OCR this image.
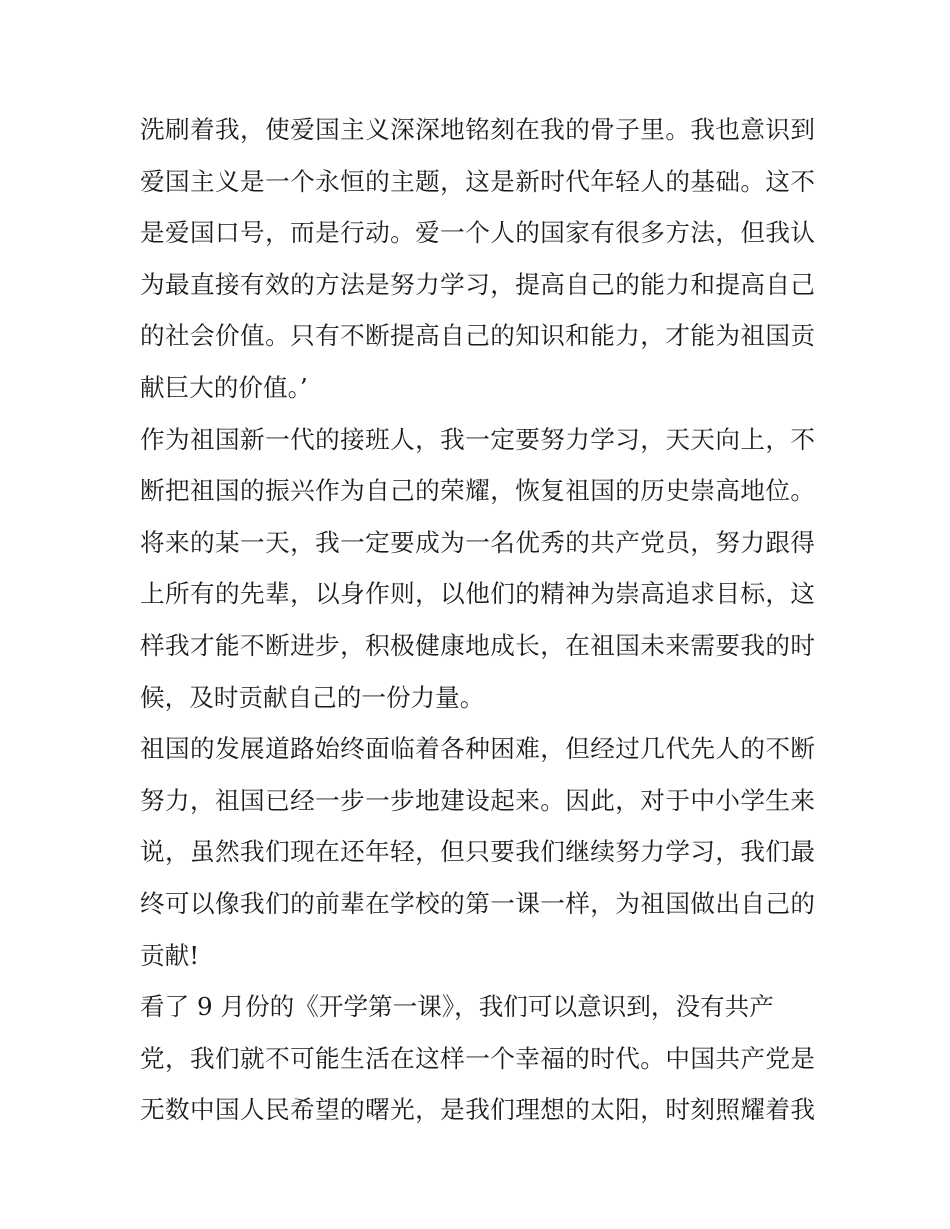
洗刷着我，使爱国主义深深地铭刻在我的骨子里。我也意识到
爱国主义是一个永恒的主题，这是新时代年轻人的基础。这不
是爱国口号，而是行动。爱一个人的国家有很多方法，但我认
为最直接有效的方法是努力学习，提高自己的能力和提高自己
的社会价值。只有不断提高自己的知识和能力，才能为祖国贡
献巨大的价值。’
作为祖国新一代的接班人，我一定要努力学习，天天向上，不
断把祖国的振兴作为自己的荣耀，恢复祖国的历史崇高地位。
将来的某一天，我一定要成为一名优秀的共产党员，努力跟得
上所有的先辈，以身作则，以他们的精神为崇高追求目标，这
样我才能不断进步，积极健康地成长，在祖国未来需要我的时
候，及时贡献自己的一份力量。
祖国的发展道路始终面临着各种困难，但经过几代先人的不断
努力，祖国已经一步一步地建设起来。因此，对于中小学生来
说，虽然我们现在还年轻，但只要我们继续努力学习，我们最
终可以像我们的前辈在学校的第一课一样，为祖国做出自己的
贡献!
看了 9 月份的《开学第一课》，我们可以意识到，没有共产
党，我们就不可能生活在这样一个幸福的时代。中国共产党是
无数中国人民希望的曙光，是我们理想的太阳，时刻照耀着我
